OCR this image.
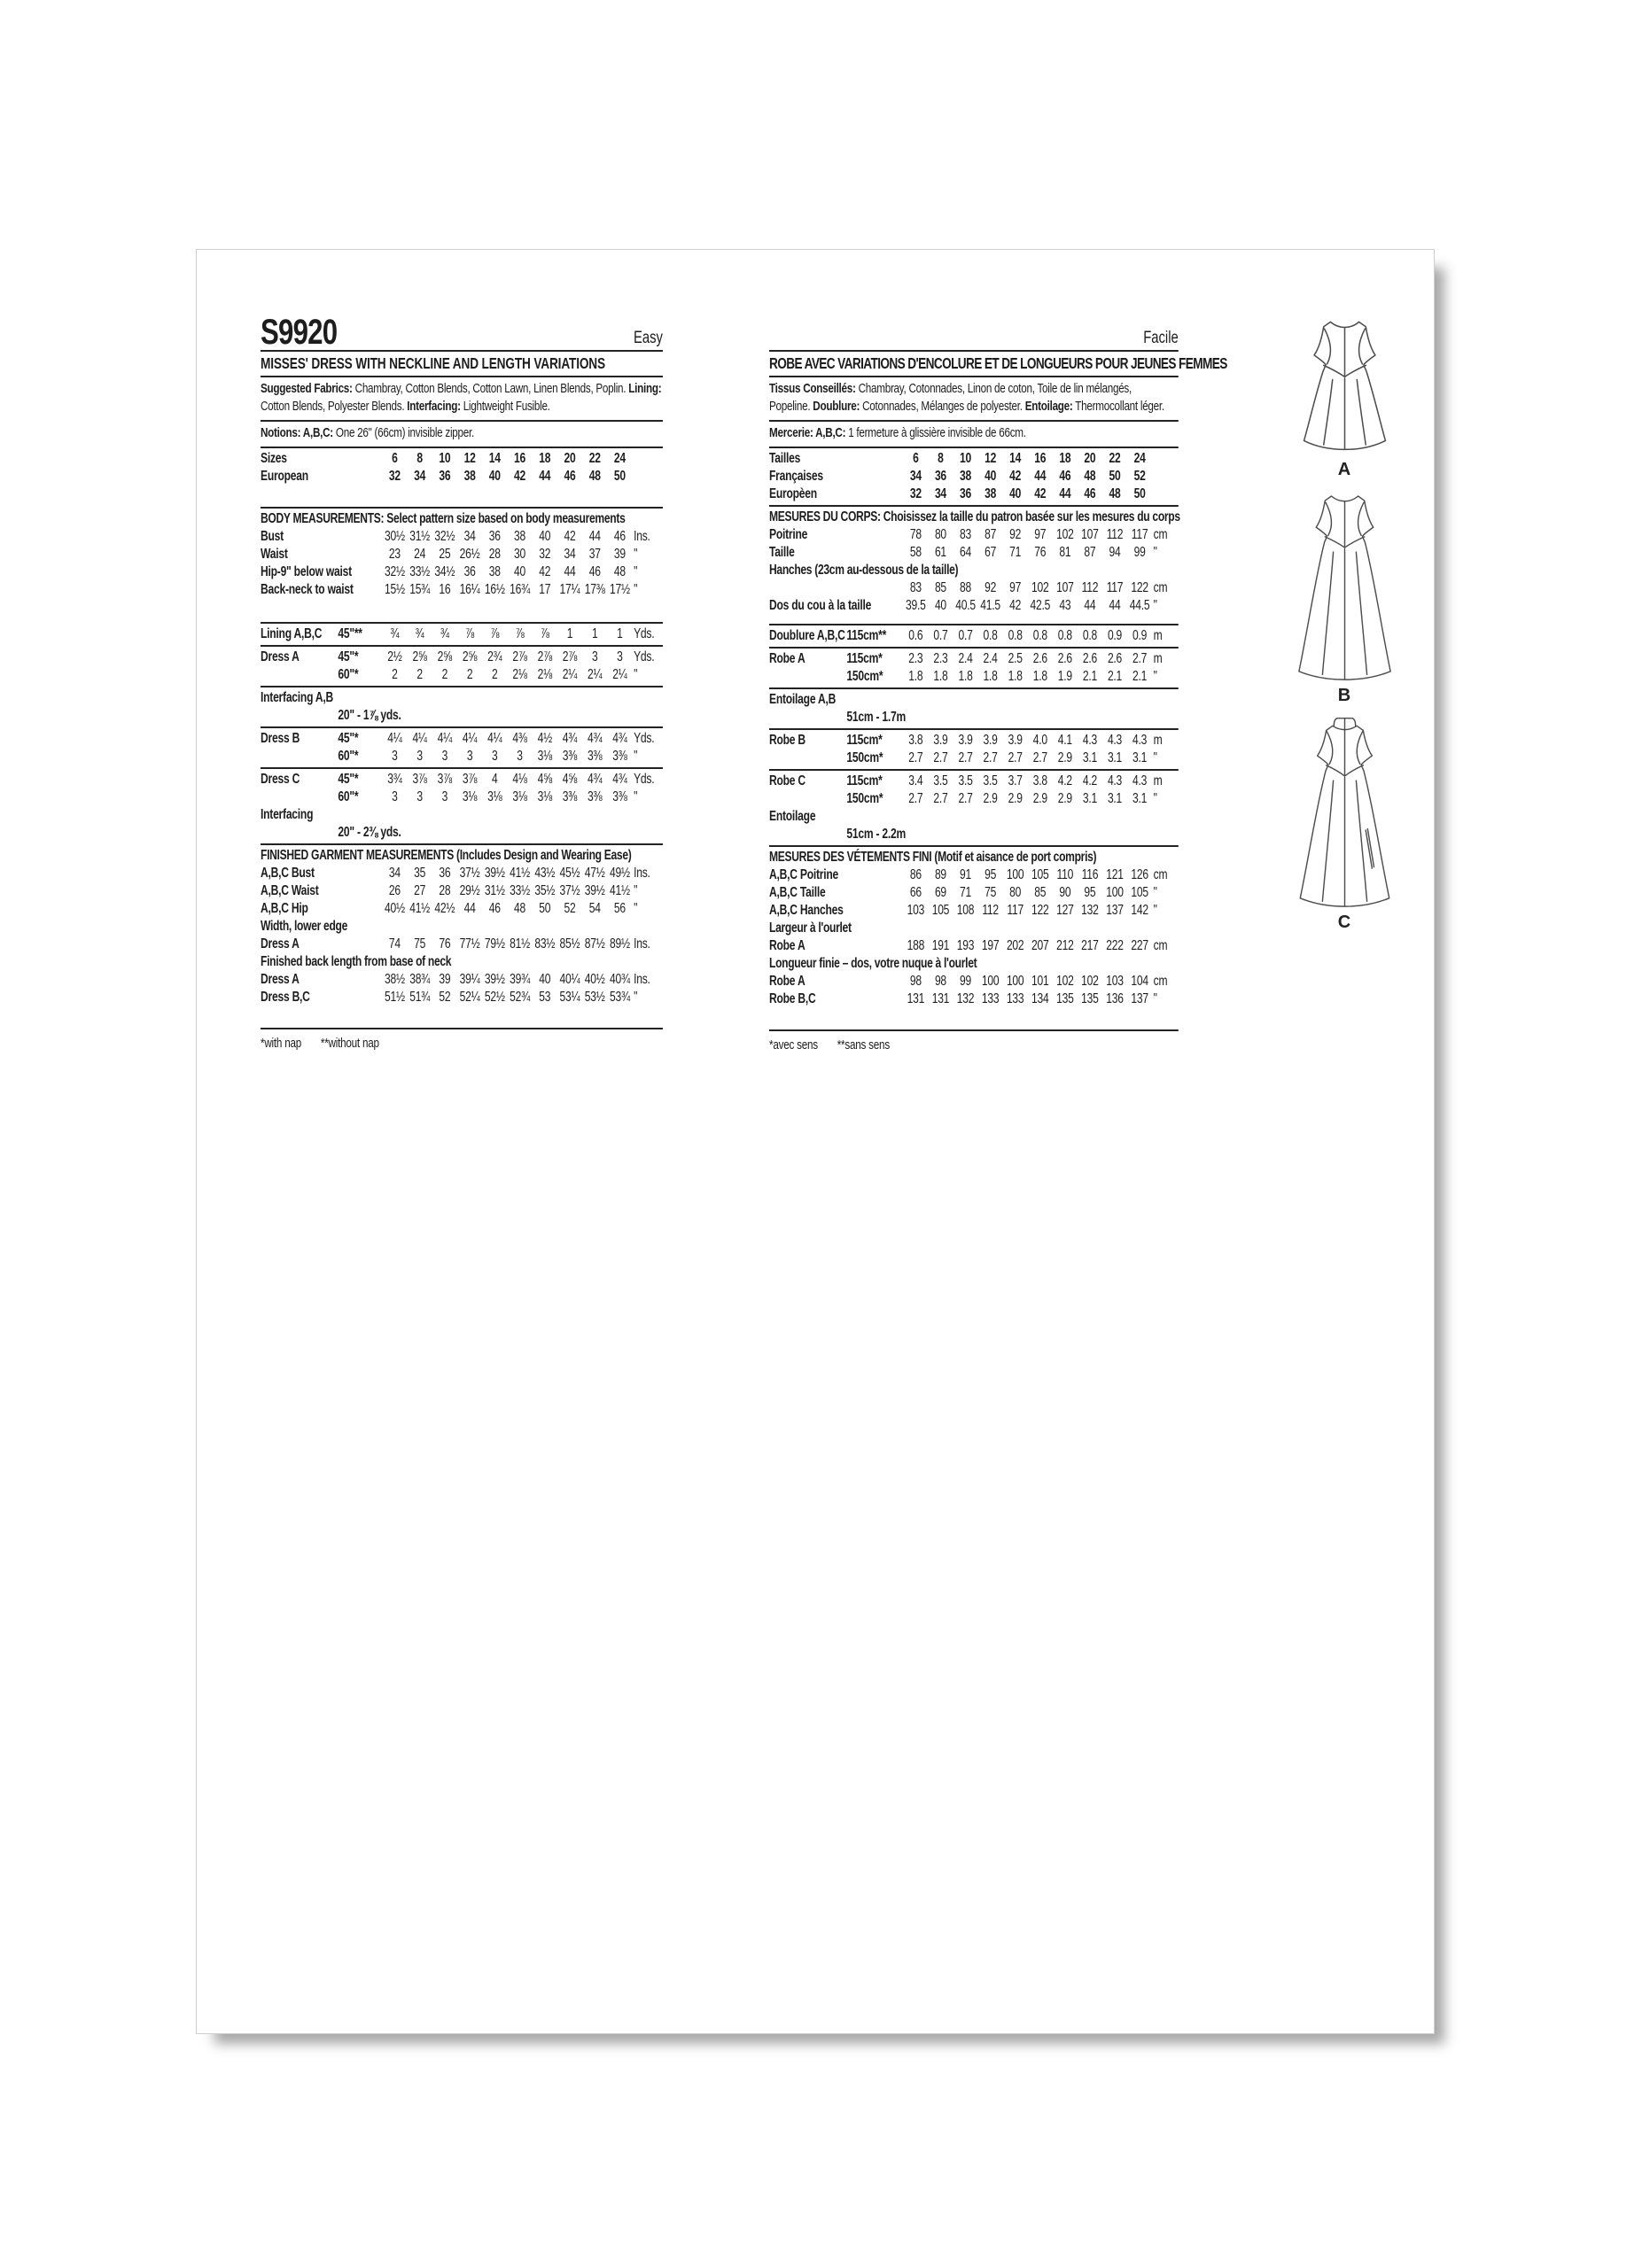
S9920	Easy
MISSES' DRESS WITH NECKLINE AND LENGTH VARIATIONS
Suggested Fabrics: Chambray, Cotton Blends, Cotton Lawn, Linen Blends, Poplin. Lining:
Cotton Blends, Polyester Blends. Interfacing: Lightweight Fusible.
Notions: A,B,C: One 26" (66cm) invisible zipper.
Sizes	6	8	10 12 14 16 18 20 22 24
European	32 34 36 38 40 42 44 46 48 50
BODY MEASUREMENTS: Select pattern size based on body measurements
Bust	30½ 31½ 32½ 34 36 38 40 42 44 46 Ins.
Waist	23 24 25 26½ 28 30 32 34 37 39 "
Hip-9" below waist	32½ 33½ 34½ 36 38 40 42 44 46 48 "
Back-neck to waist	15½ 15¾ 16 16¼ 16½ 16¾ 17 17¼ 17⅜ 17½ "
Lining A,B,C	45"**	¾	¾	¾	⅞	⅞	⅞	⅞	1	1	1 Yds.
Dress A	45"*	2½ 2⅝ 2⅝ 2⅝ 2¾ 2⅞ 2⅞ 2⅞	3	3 Yds.
60"*	2	2	2	2	2	2⅛ 2⅛ 2¼ 2¼ 2¼ "
Interfacing A,B
20" - 1⅞ yds.
Dress B	45"*	4¼ 4¼ 4¼ 4¼ 4¼ 4⅜ 4½ 4¾ 4¾ 4¾ Yds.
60"*	3	3	3	3	3	3	3⅛ 3⅜ 3⅜ 3⅜ "
Dress C	45"*	3¾ 3⅞ 3⅞ 3⅞	4	4⅛ 4⅝ 4⅝ 4¾ 4¾ Yds.
60"*	3	3	3	3⅛ 3⅛ 3⅛ 3⅛ 3⅜ 3⅜ 3⅜ "
Interfacing
20" - 2⅜ yds.
FINISHED GARMENT MEASUREMENTS (Includes Design and Wearing Ease)
A,B,C Bust	34 35 36 37½ 39½ 41½ 43½ 45½ 47½ 49½ Ins.
A,B,C Waist	26 27 28 29½ 31½ 33½ 35½ 37½ 39½ 41½ "
A,B,C Hip	40½ 41½ 42½ 44 46 48 50 52 54 56 "
Width, lower edge
Dress A	74 75 76 77½ 79½ 81½ 83½ 85½ 87½ 89½ Ins.
Finished back length from base of neck
Dress A	38½ 38¾ 39 39¼ 39½ 39¾ 40 40¼ 40½ 40¾ Ins.
Dress B,C	51½ 51¾ 52 52¼ 52½ 52¾ 53 53¼ 53½ 53¾ "
*with nap **without nap
Facile
ROBE AVEC VARIATIONS D'ENCOLURE ET DE LONGUEURS POUR JEUNES FEMMES
Tissus Conseillés: Chambray, Cotonnades, Linon de coton, Toile de lin mélangés,
Popeline. Doublure: Cotonnades, Mélanges de polyester. Entoilage: Thermocollant léger.
Mercerie: A,B,C: 1 fermeture à glissière invisible de 66cm.
Tailles	6	8	10 12 14 16 18 20 22 24
Françaises	34 36 38 40 42 44 46 48 50 52
Europèen	32 34 36 38 40 42 44 46 48 50
MESURES DU CORPS: Choisissez la taille du patron basée sur les mesures du corps
Poitrine	78 80 83 87 92 97 102 107 112 117 cm
Taille	58 61 64 67 71 76 81 87 94 99 "
Hanches (23cm au-dessous de la taille)
83 85 88 92 97 102 107 112 117 122 cm
Dos du cou à la taille	39.5 40 40.5 41.5 42 42.5 43 44 44 44.5 "
Doublure A,B,C 115cm**	0.6 0.7 0.7 0.8 0.8 0.8 0.8 0.8 0.9 0.9 m
Robe A	115cm*	2.3 2.3 2.4 2.4 2.5 2.6 2.6 2.6 2.6 2.7 m
150cm*	1.8 1.8 1.8 1.8 1.8 1.8 1.9 2.1 2.1 2.1 "
Entoilage A,B
51cm - 1.7m
Robe B	115cm*	3.8 3.9 3.9 3.9 3.9 4.0 4.1 4.3 4.3 4.3 m
150cm*	2.7 2.7 2.7 2.7 2.7 2.7 2.9 3.1 3.1 3.1 "
Robe C	115cm*	3.4 3.5 3.5 3.5 3.7 3.8 4.2 4.2 4.3 4.3 m
150cm*	2.7 2.7 2.7 2.9 2.9 2.9 2.9 3.1 3.1 3.1 "
Entoilage
51cm - 2.2m
MESURES DES VÉTEMENTS FINI (Motif et aisance de port compris)
A,B,C Poitrine	86 89 91 95 100 105 110 116 121 126 cm
A,B,C Taille	66 69 71 75 80 85 90 95 100 105 "
A,B,C Hanches	103 105 108 112 117 122 127 132 137 142 "
Largeur à l'ourlet
Robe A	188 191 193 197 202 207 212 217 222 227 cm
Longueur finie – dos, votre nuque à l'ourlet
Robe A	98 98 99 100 100 101 102 102 103 104 cm
Robe B,C	131 131 132 133 133 134 135 135 136 137 "
*avec sens **sans sens
A
B
C
